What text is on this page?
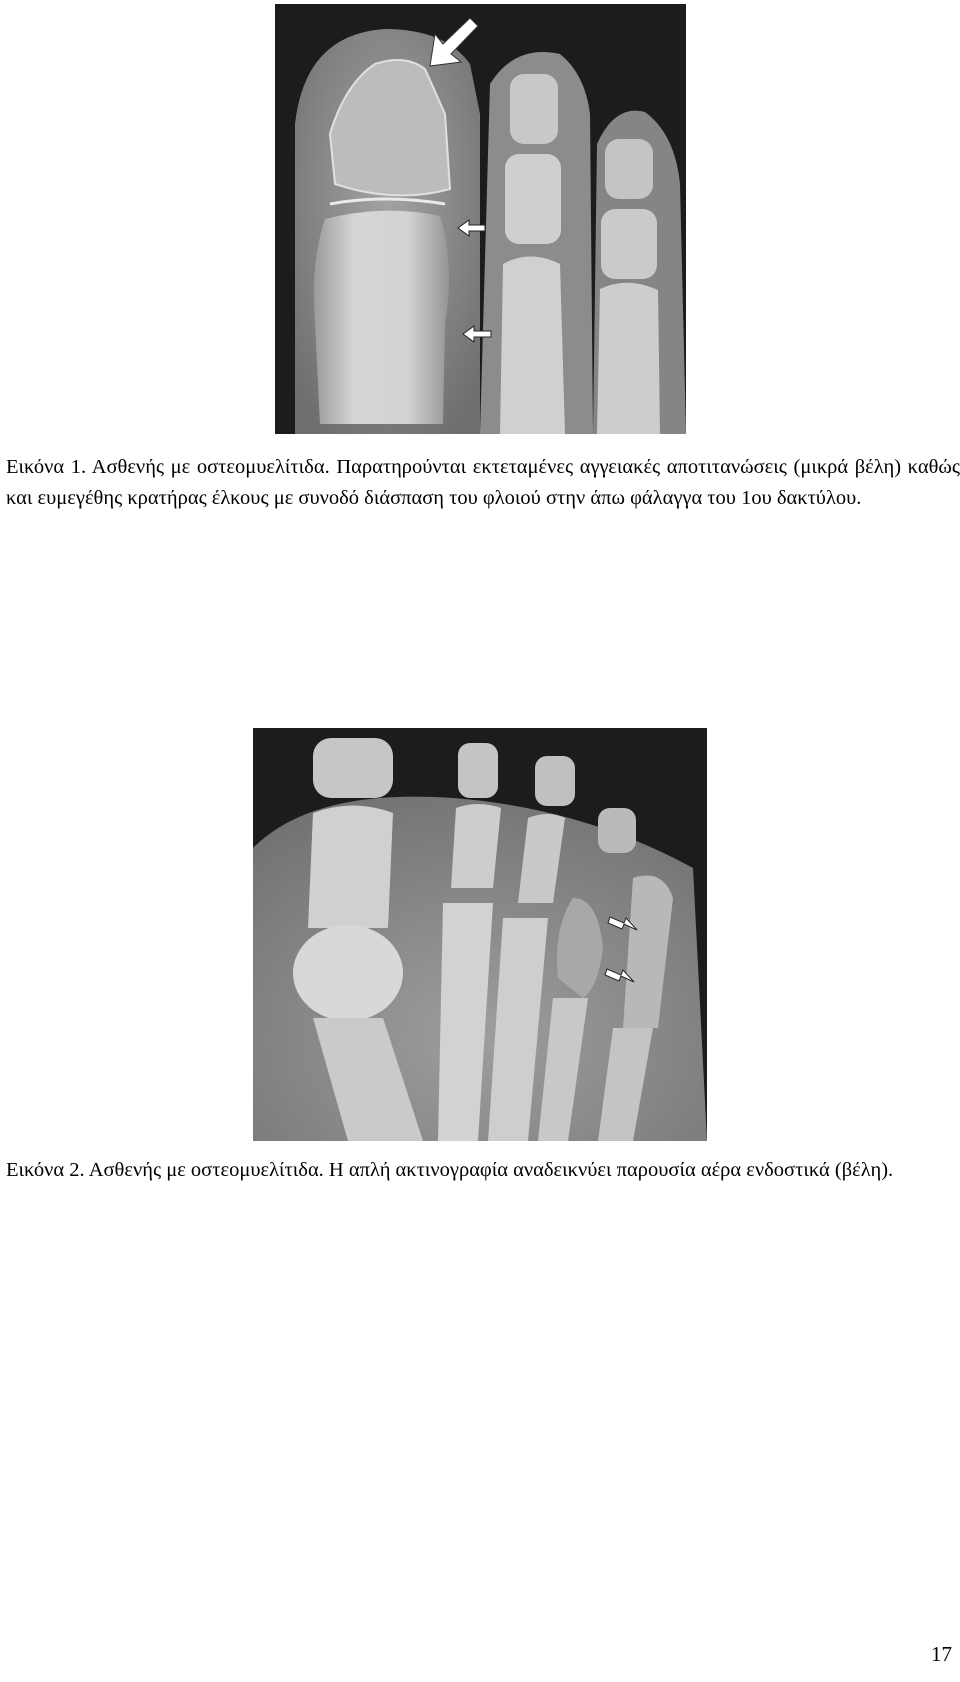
Εικόνα 1. Ασθενής με οστεομυελίτιδα. Παρατηρούνται εκτεταμένες αγγειακές αποτιτανώσεις (μικρά βέλη) καθώς και ευμεγέθης κρατήρας έλκους με συνοδό διάσπαση του φλοιού στην άπω φάλαγγα του 1ου δακτύλου.

Εικόνα 2. Ασθενής με οστεομυελίτιδα. Η απλή ακτινογραφία αναδεικνύει παρουσία αέρα ενδοστικά (βέλη).

17
